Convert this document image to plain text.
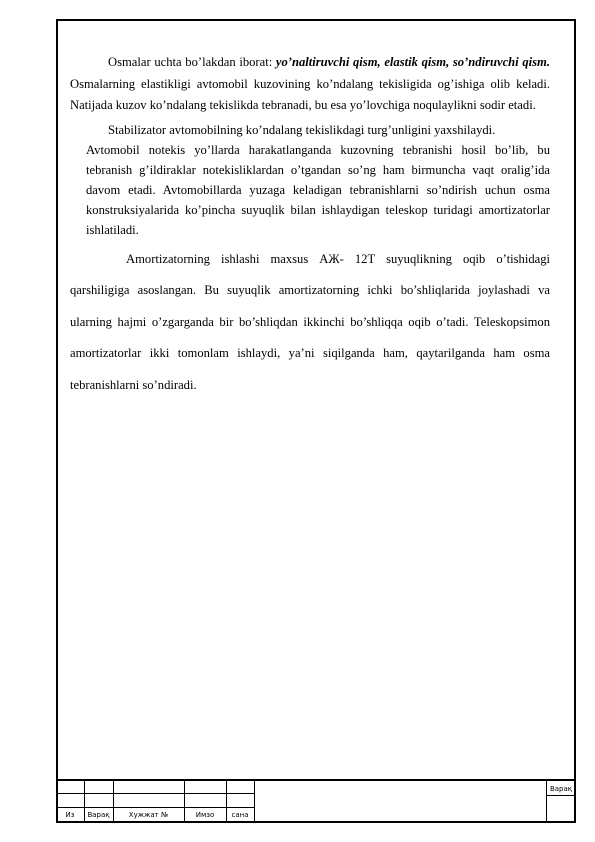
Osmalar uchta bo’lakdan iborat: yo’naltiruvchi qism, elastik qism, so’ndiruvchi qism. Osmalarning elastikligi avtomobil kuzovining ko’ndalang tekisligida og’ishiga olib keladi. Natijada kuzov ko’ndalang tekislikda tebranadi, bu esa yo’lovchiga noqulaylikni sodir etadi.

Stabilizator avtomobilning ko’ndalang tekislikdagi turg’unligini yaxshilaydi.

Avtomobil notekis yo’llarda harakatlanganda kuzovning tebranishi hosil bo’lib, bu tebranish g’ildiraklar notekisliklardan o’tgandan so’ng ham birmuncha vaqt oralig’ida davom etadi. Avtomobillarda yuzaga keladigan tebranishlarni so’ndirish uchun osma konstruksiyalarida ko’pincha suyuqlik bilan ishlaydigan teleskop turidagi amortizatorlar ishlatiladi.

Amortizatorning ishlashi maxsus АЖ- 12Т suyuqlikning oqib o’tishidagi qarshiligiga asoslangan. Bu suyuqlik amortizatorning ichki bo’shliqlarida joylashadi va ularning hajmi o’zgarganda bir bo’shliqdan ikkinchi bo’shliqqa oqib o’tadi. Teleskopsimon amortizatorlar ikki tomonlam ishlaydi, ya’ni siqilganda ham, qaytarilganda ham osma tebranishlarni so’ndiradi.

Из	Варақ	Хужжат №	Имзо	сана
Варақ
